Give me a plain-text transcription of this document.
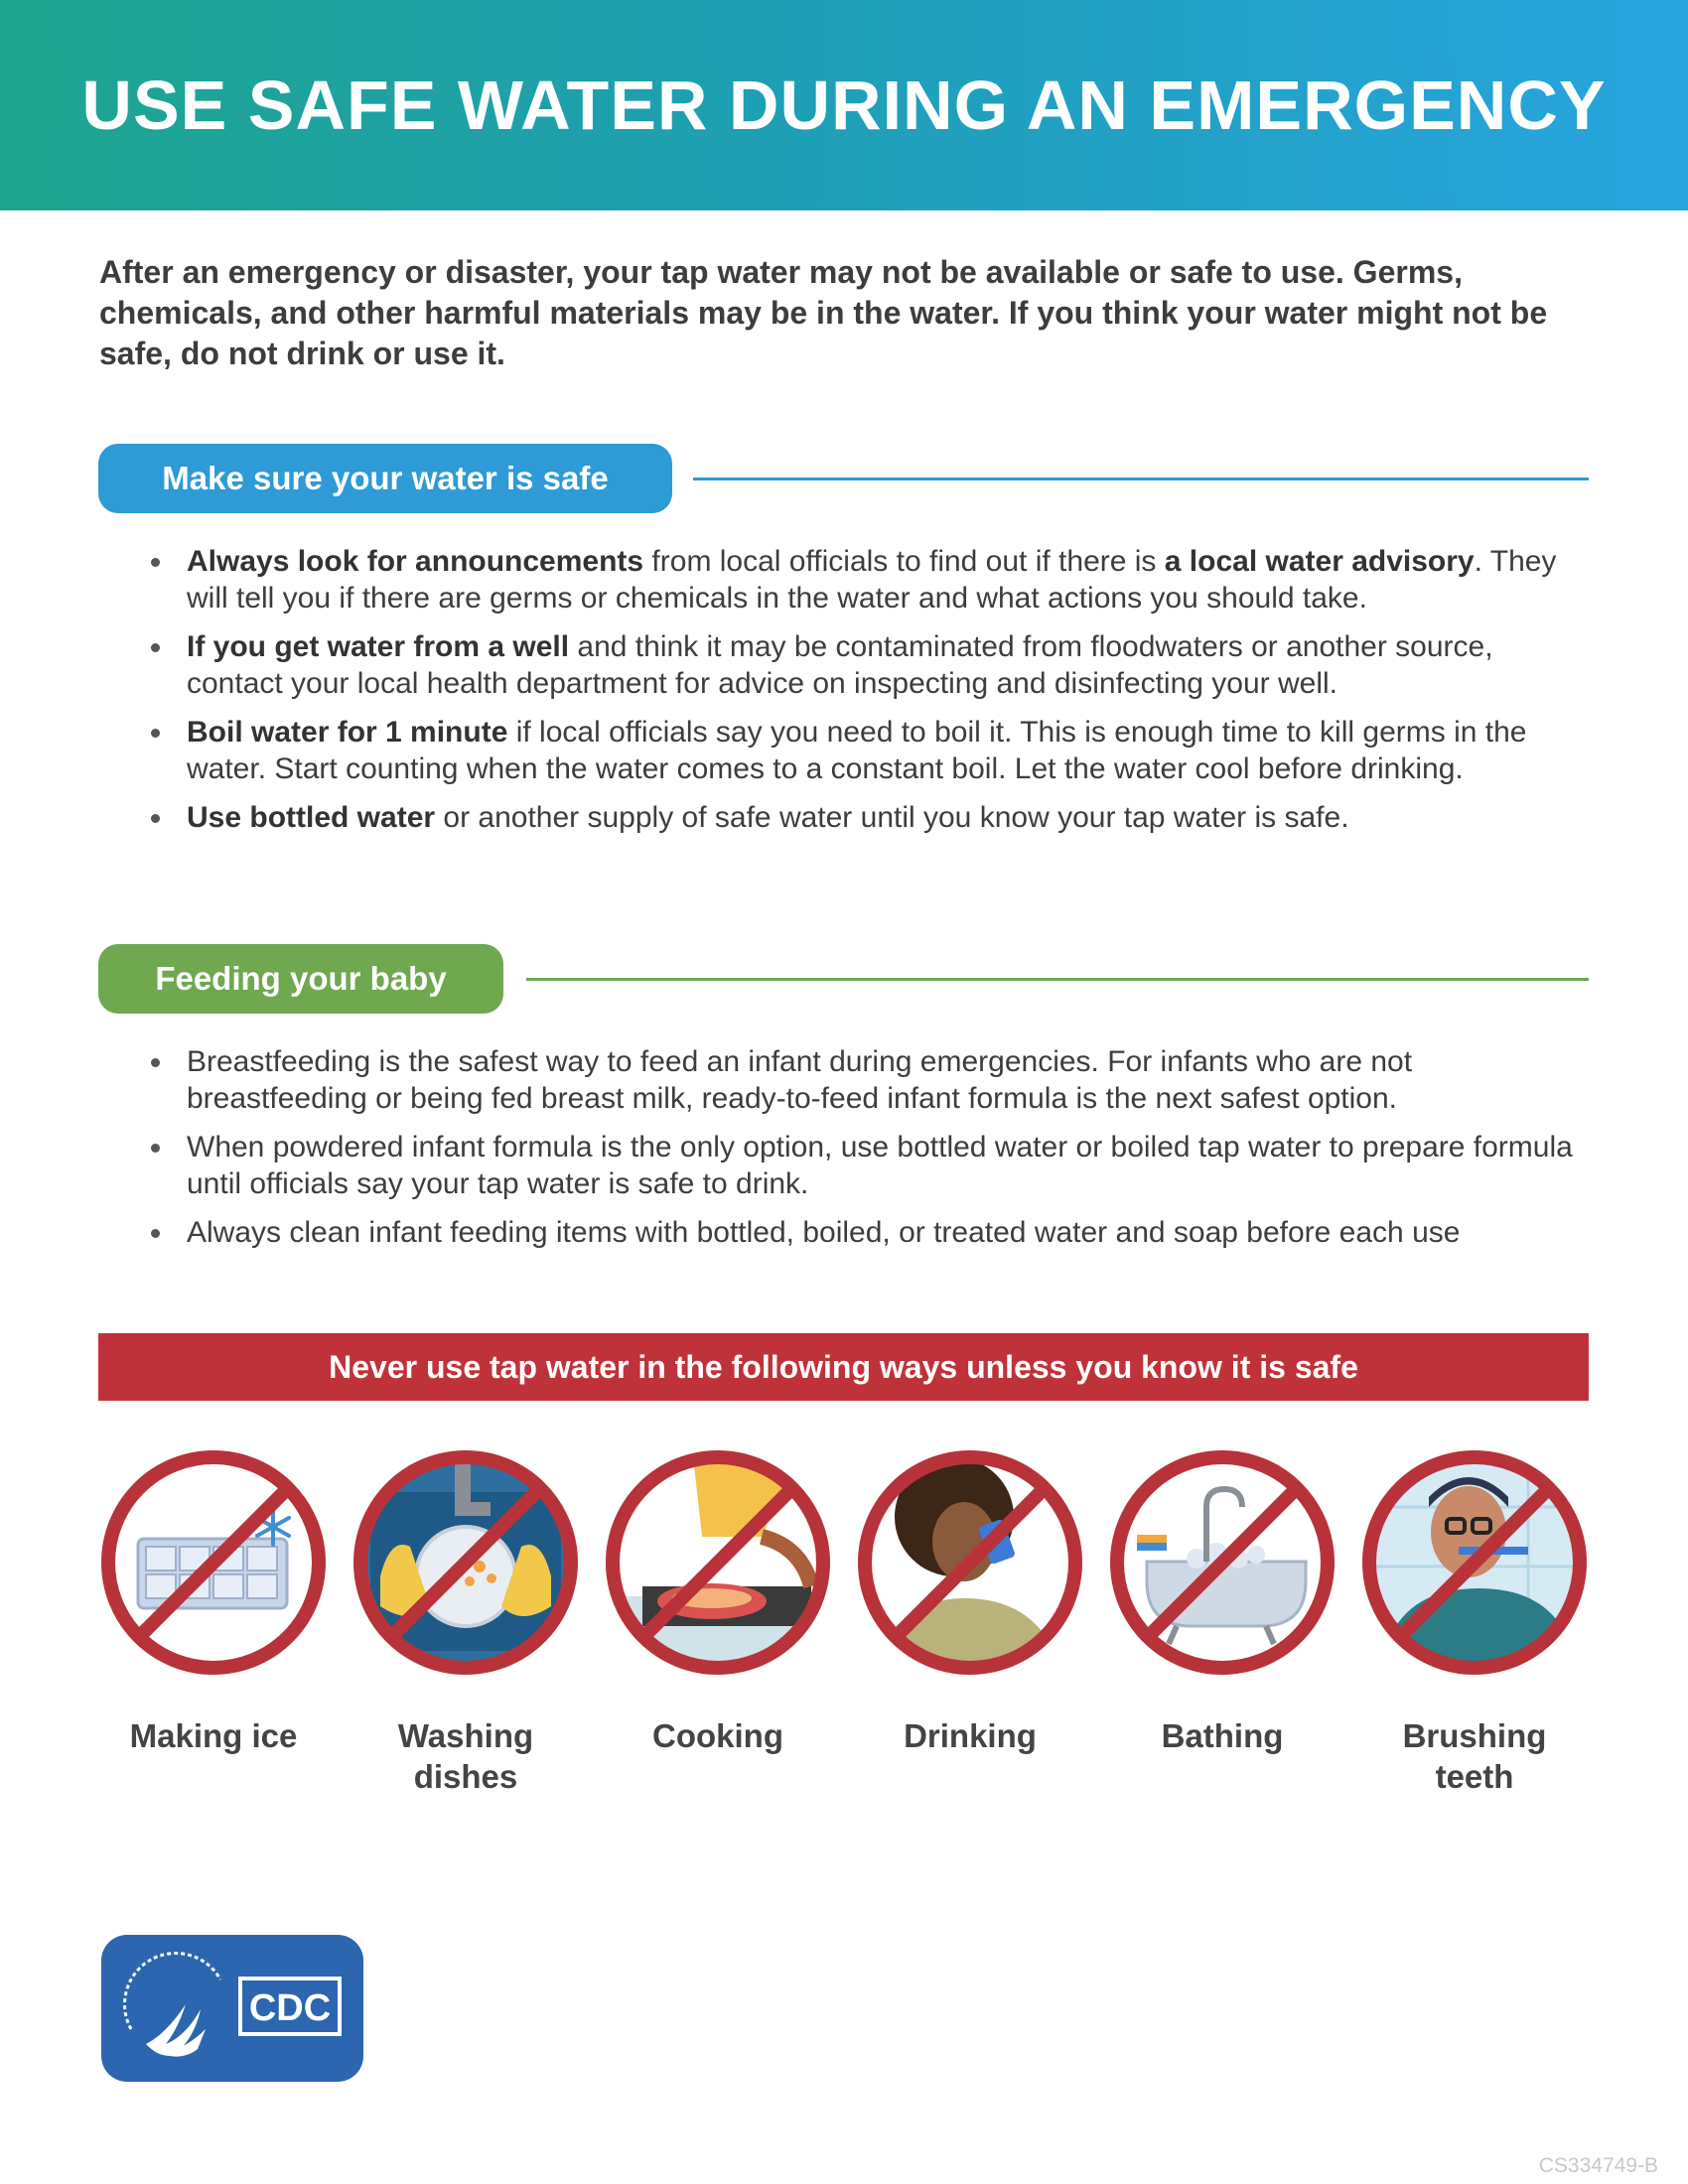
USE SAFE WATER DURING AN EMERGENCY
After an emergency or disaster, your tap water may not be available or safe to use. Germs, chemicals, and other harmful materials may be in the water. If you think your water might not be safe, do not drink or use it.
Make sure your water is safe
Always look for announcements from local officials to find out if there is a local water advisory. They will tell you if there are germs or chemicals in the water and what actions you should take.
If you get water from a well and think it may be contaminated from floodwaters or another source, contact your local health department for advice on inspecting and disinfecting your well.
Boil water for 1 minute if local officials say you need to boil it. This is enough time to kill germs in the water. Start counting when the water comes to a constant boil. Let the water cool before drinking.
Use bottled water or another supply of safe water until you know your tap water is safe.
Feeding your baby
Breastfeeding is the safest way to feed an infant during emergencies. For infants who are not breastfeeding or being fed breast milk, ready-to-feed infant formula is the next safest option.
When powdered infant formula is the only option, use bottled water or boiled tap water to prepare formula until officials say your tap water is safe to drink.
Always clean infant feeding items with bottled, boiled, or treated water and soap before each use
Never use tap water in the following ways unless you know it is safe
Making ice	Washing dishes
Cooking	Drinking	Bathing	Brushing teeth
CDC
CS334749-B
